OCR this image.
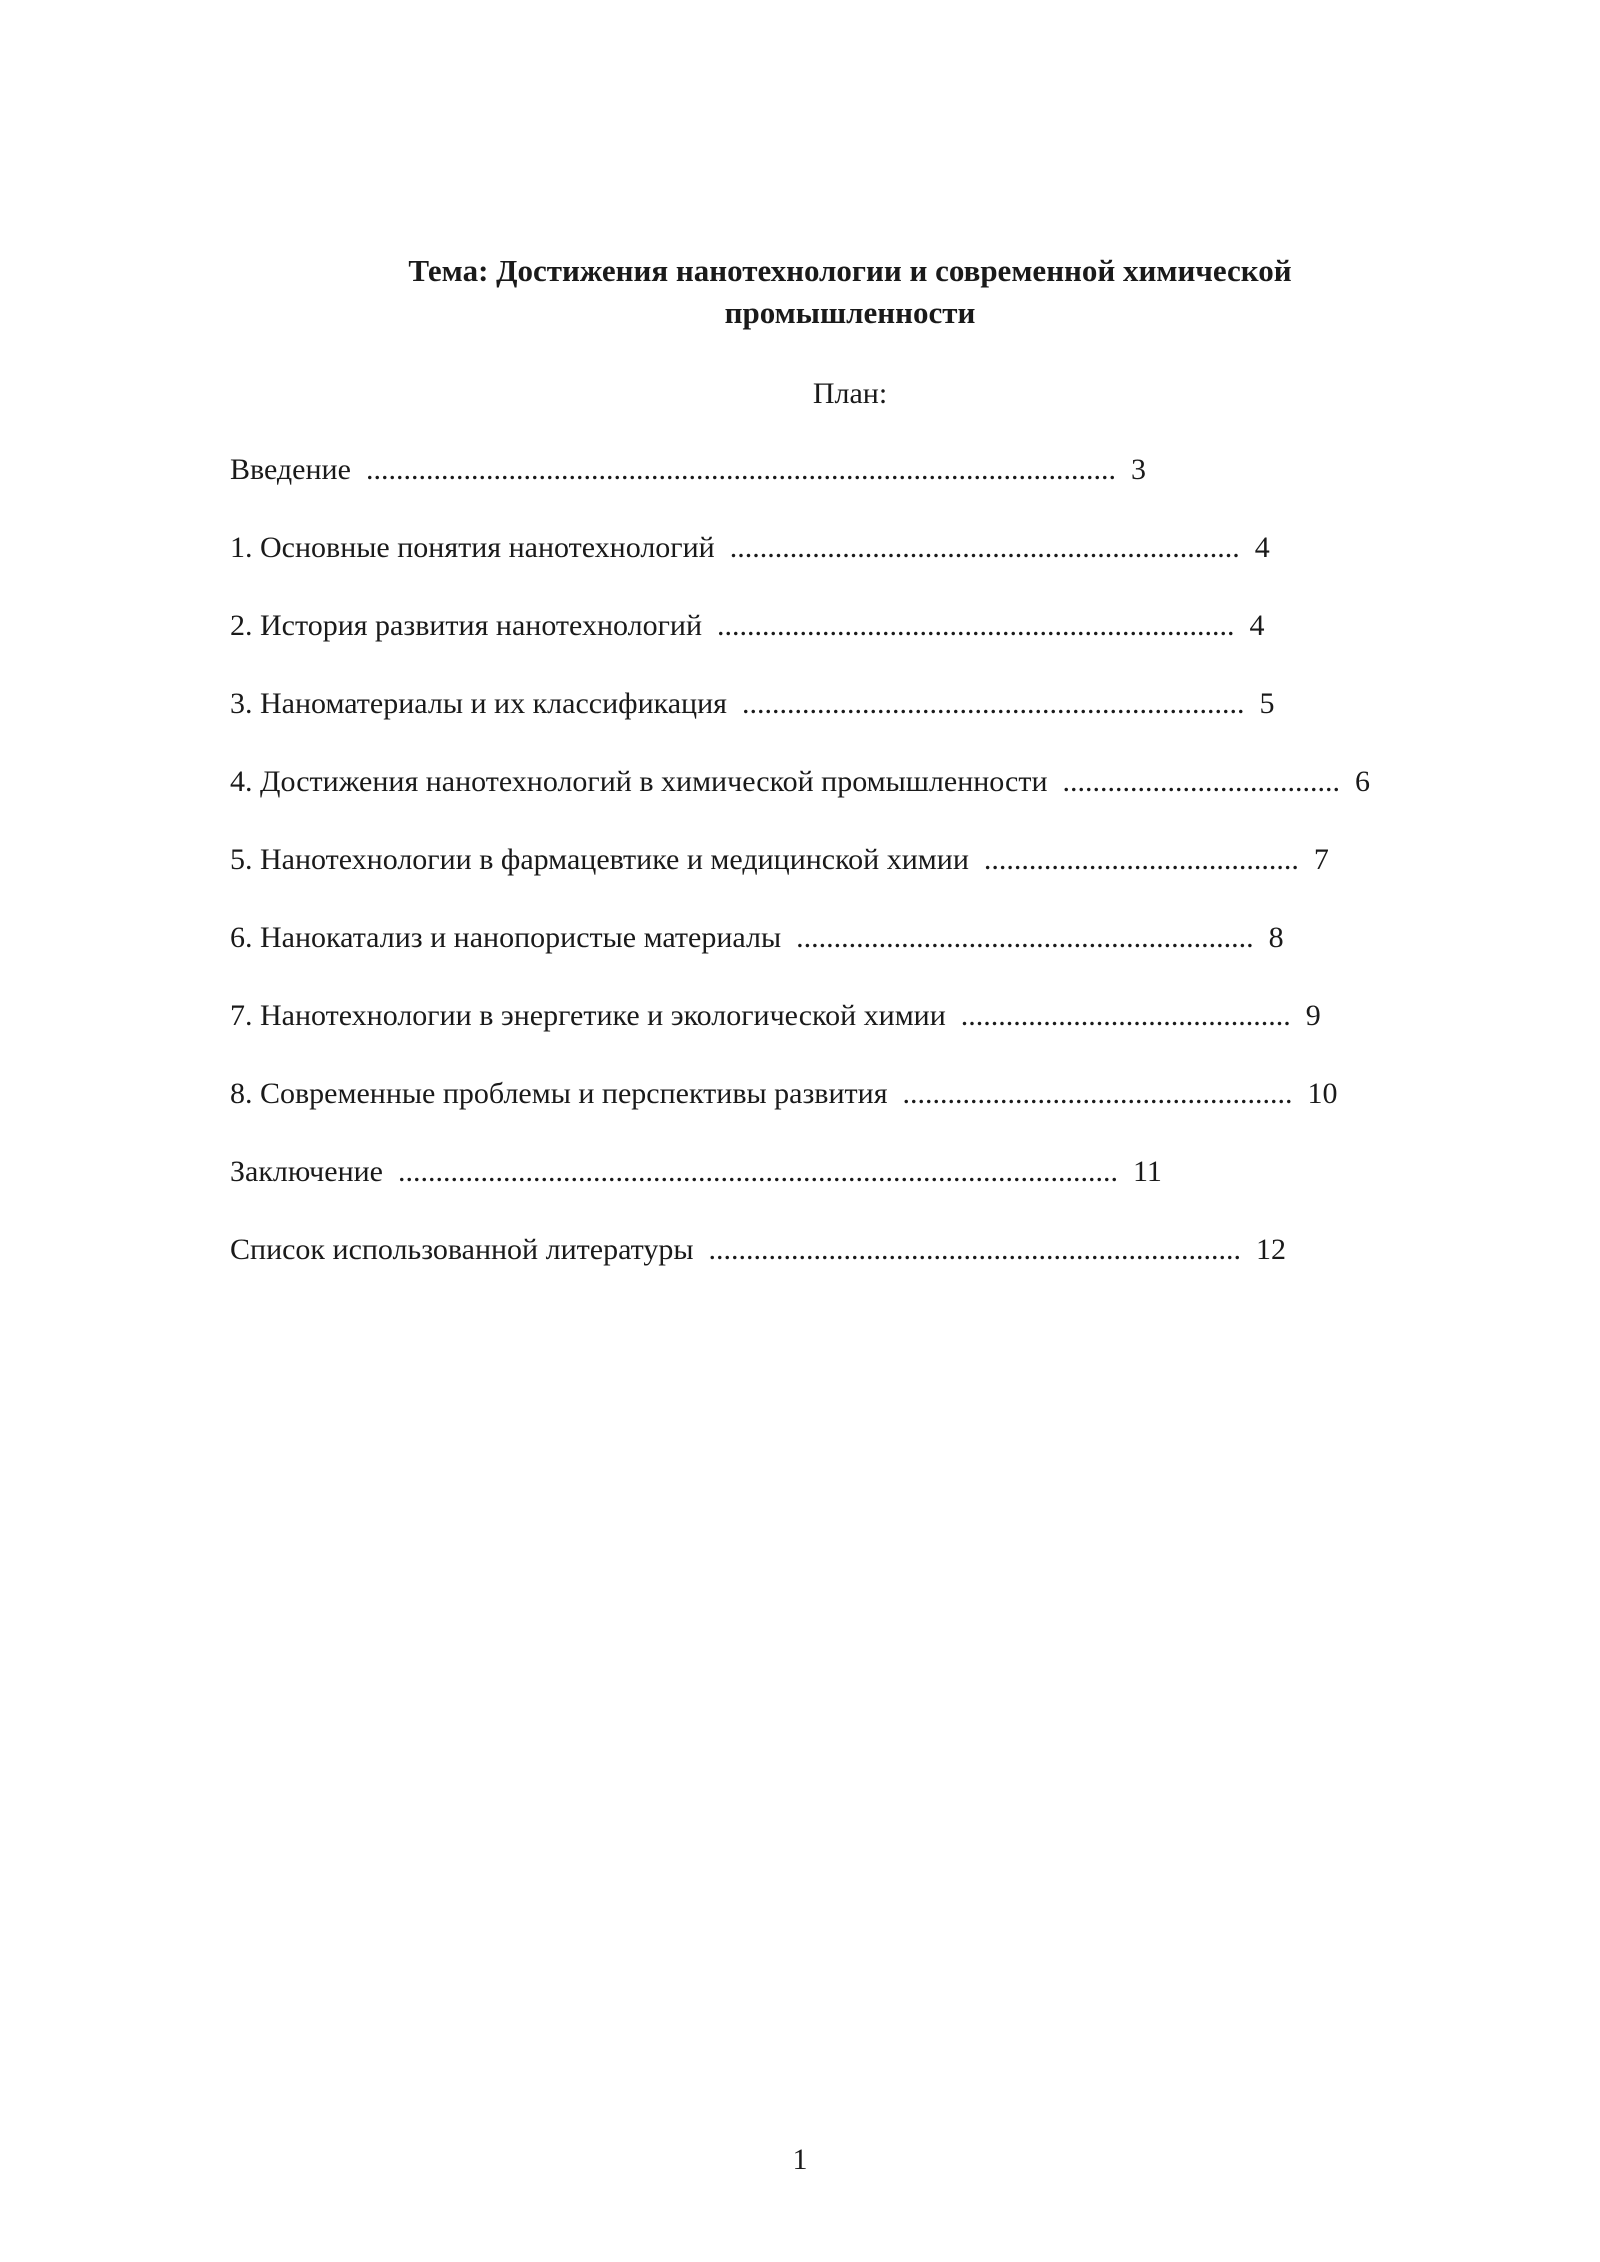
Тема: Достижения нанотехнологии и современной химической
промышленности
План:
Введение .................................................................................................... 3
1. Основные понятия нанотехнологий .................................................................... 4
2. История развития нанотехнологий ..................................................................... 4
3. Наноматериалы и их классификация ................................................................... 5
4. Достижения нанотехнологий в химической промышленности ..................................... 6
5. Нанотехнологии в фармацевтике и медицинской химии .......................................... 7
6. Нанокатализ и нанопористые материалы ............................................................. 8
7. Нанотехнологии в энергетике и экологической химии ............................................ 9
8. Современные проблемы и перспективы развития .................................................... 10
Заключение ................................................................................................ 11
Список использованной литературы ....................................................................... 12
1
